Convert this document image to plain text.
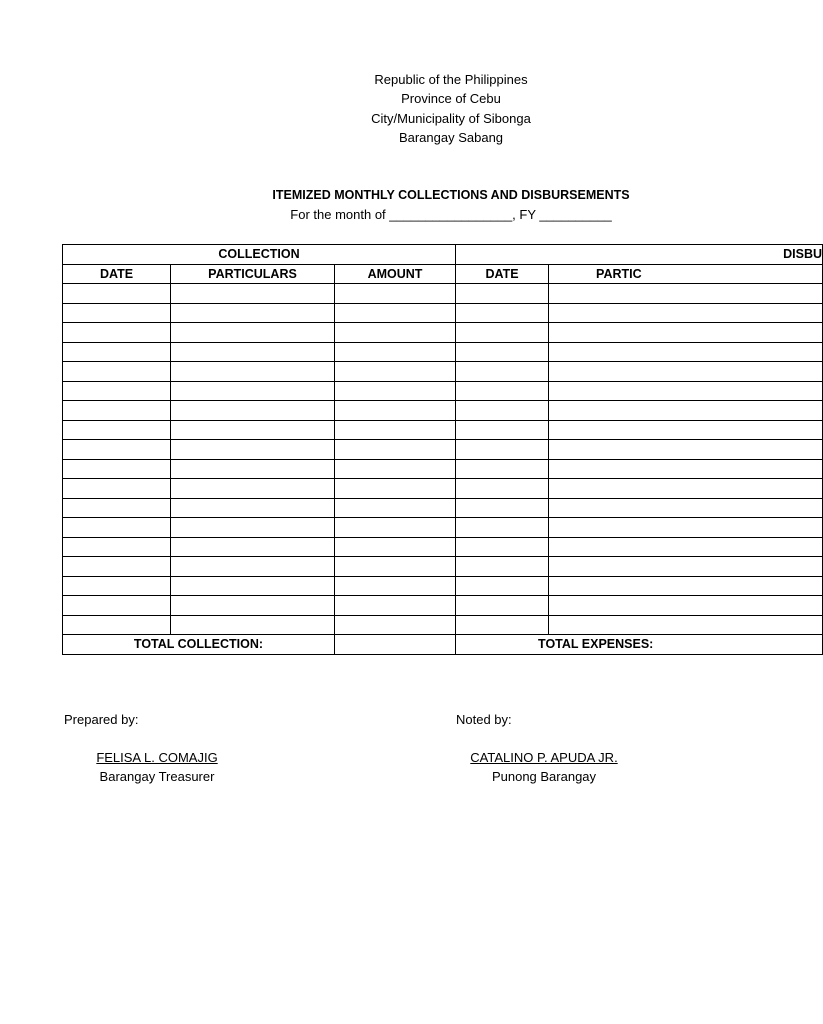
Republic of the Philippines
Province of Cebu
City/Municipality of Sibonga
Barangay Sabang
ITEMIZED MONTHLY COLLECTIONS AND DISBURSEMENTS
For the month of _________________, FY __________
COLLECTION			DISBU	
DATE	PARTICULARS	AMOUNT	DATE	PARTIC

TOTAL COLLECTION:			TOTAL EXPENSES:	
Prepared by:	Noted by:
FELISA L. COMAJIG
Barangay Treasurer
CATALINO P. APUDA JR.
Punong Barangay
